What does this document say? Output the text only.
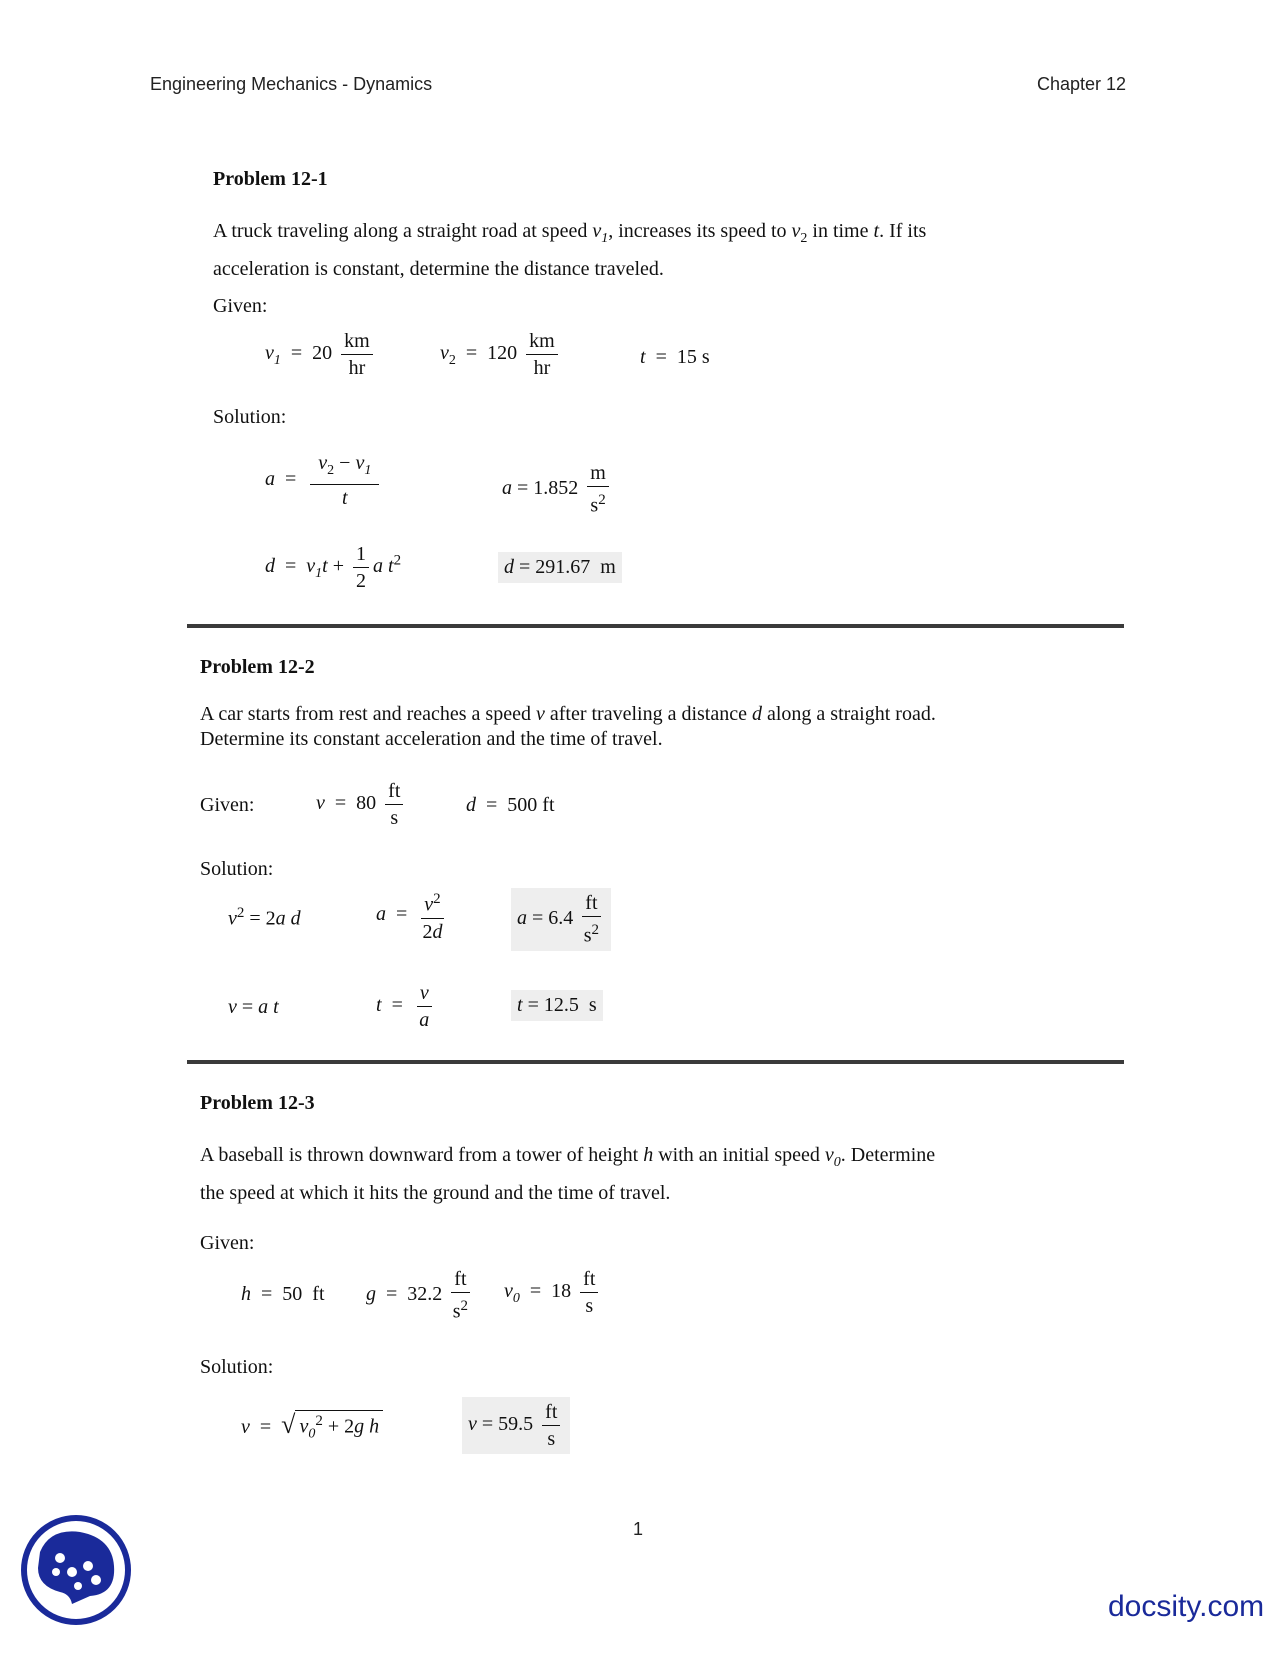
Engineering Mechanics - Dynamics	Chapter 12
Problem 12-1
A truck traveling along a straight road at speed $v_1$, increases its speed to $v_2$ in time t. If its acceleration is constant, determine the distance traveled.
Given:
$v_1 = 20 \frac{km}{hr}$	$v_2 = 120 \frac{km}{hr}$	t  =  15 s
Solution:
$a = \frac{v_2 - v_1}{t}$	$a = 1.852 \frac{m}{s^2}$
$d = v_1t + \frac{1}{2}$ a $t^2$	d = 291.67  m
Problem 12-2
A car starts from rest and reaches a speed v after traveling a distance d along a straight road.
Determine its constant acceleration and the time of travel.
Given:	$v = 80 \frac{ft}{s}$	d  =  500 ft
Solution:
$v^2 = 2a$ d	$a = \frac{v^2}{2d}$	$a = 6.4 \frac{ft}{s^2}$
v = a t	$t = \frac{v}{a}$	t = 12.5 s
Problem 12-3
A baseball is thrown downward from a tower of height h with an initial speed $v_0$. Determine
the speed at which it hits the ground and the time of travel.
Given:
h  =  50 ft $g = 32.2 \frac{ft}{s^2} v_0 = 18 \frac{ft}{s}$
Solution:
v  =  √ $v_0^2 + 2g$ h	$v = 59.5 \frac{ft}{s}$
1
docsity.com
